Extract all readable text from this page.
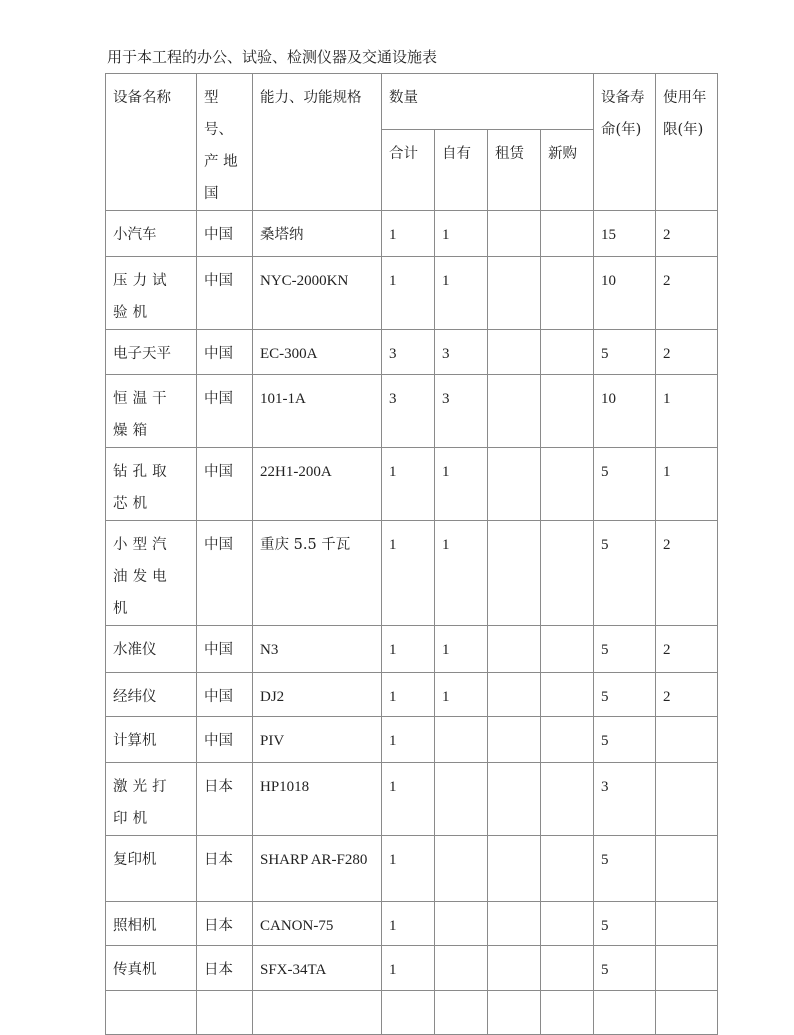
用于本工程的办公、试验、检测仪器及交通设施表
设备名称	型号、产 地国	能力、功能规格	数量				设备寿命(年)	使用年限(年)
			合计	自有	租赁	新购		
小汽车	中国	桑塔纳	1	1			15	2
压力试验机	中国	NYC-2000KN	1	1			10	2
电子天平	中国	EC-300A	3	3			5	2
恒温干燥箱	中国	101-1A	3	3			10	1
钻孔取芯机	中国	22H1-200A	1	1			5	1
小型汽油发电机	中国	重庆 5.5 千瓦	1	1			5	2
水准仪	中国	N3	1	1			5	2
经纬仪	中国	DJ2	1	1			5	2
计算机	中国	PIV	1				5	
激光打印机	日本	HP1018	1				3	
复印机	日本	SHARP AR-F280	1				5	
照相机	日本	CANON-75	1				5	
传真机	日本	SFX-34TA	1				5	
